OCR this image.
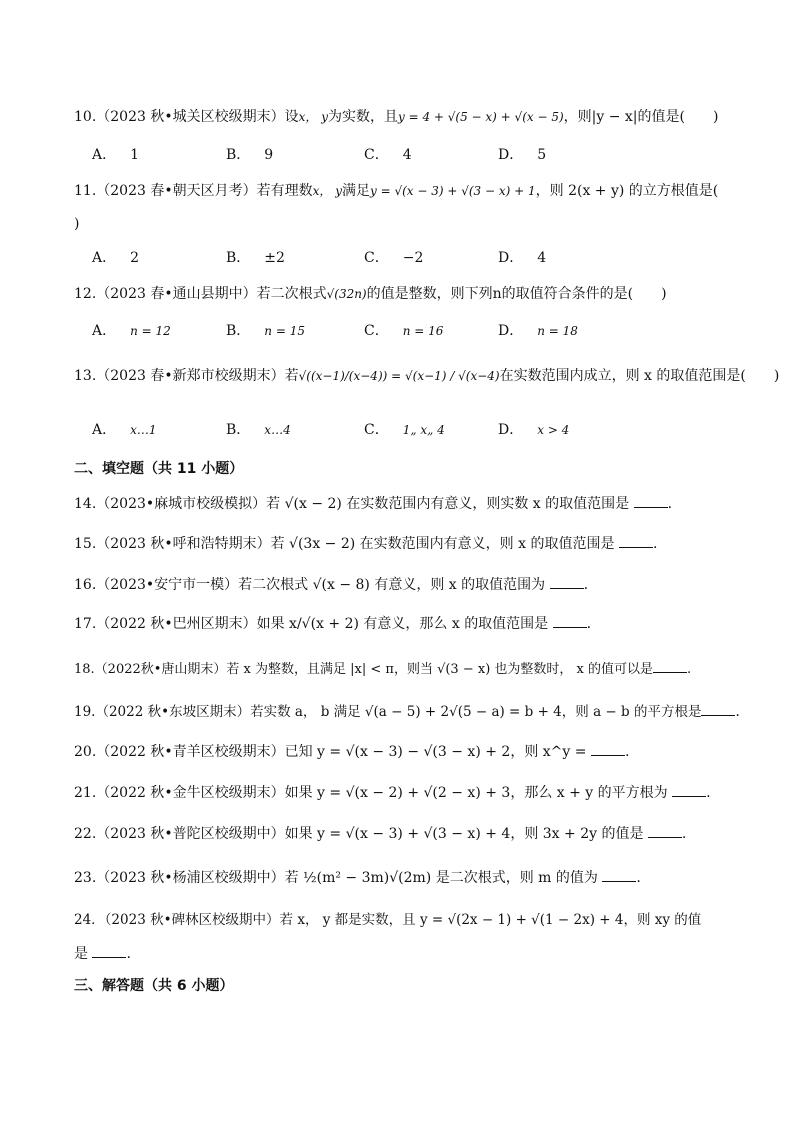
10.（2023 秋•城关区校级期末）设x， y为实数，且y = 4 + √(5 − x) + √(x − 5)，则|y − x|的值是(　　)
A． 1	B． 9	C． 4	D． 5
11.（2023 春•朝天区月考）若有理数x， y满足y = √(x − 3) + √(3 − x) + 1，则 2(x + y) 的立方根值是(
)
A． 2	B． ±2	C． −2	D． 4
12.（2023 春•通山县期中）若二次根式√(32n)的值是整数，则下列n的取值符合条件的是(　　)
A． n = 12	B． n = 15	C． n = 16	D． n = 18
13.（2023 春•新郑市校级期末）若√((x−1)/(x−4)) = √(x−1) / √(x−4)在实数范围内成立，则 x 的取值范围是(　　)
A． x…1	B． x…4	C． 1„ x„ 4	D． x > 4
二、填空题（共 11 小题）
14.（2023•麻城市校级模拟）若 √(x − 2) 在实数范围内有意义，则实数 x 的取值范围是	.
15.（2023 秋•呼和浩特期末）若 √(3x − 2) 在实数范围内有意义，则 x 的取值范围是	.
16.（2023•安宁市一模）若二次根式 √(x − 8) 有意义，则 x 的取值范围为	.
17.（2022 秋•巴州区期末）如果 x/√(x + 2) 有意义，那么 x 的取值范围是	.
18.（2022秋•唐山期末）若 x 为整数，且满足 |x| < π，则当 √(3 − x) 也为整数时， x 的值可以是	.
19.（2022 秋•东坡区期末）若实数 a， b 满足 √(a − 5) + 2√(5 − a) = b + 4，则 a − b 的平方根是	.
20.（2022 秋•青羊区校级期末）已知 y = √(x − 3) − √(3 − x) + 2，则 x^y =	.
21.（2022 秋•金牛区校级期末）如果 y = √(x − 2) + √(2 − x) + 3，那么 x + y 的平方根为	.
22.（2023 秋•普陀区校级期中）如果 y = √(x − 3) + √(3 − x) + 4，则 3x + 2y 的值是	.
23.（2023 秋•杨浦区校级期中）若 ½(m² − 3m)√(2m) 是二次根式，则 m 的值为	.
24．（2023 秋•碑林区校级期中）若 x， y 都是实数，且 y = √(2x − 1) + √(1 − 2x) + 4，则 xy 的值
是	.
三、解答题（共 6 小题）
